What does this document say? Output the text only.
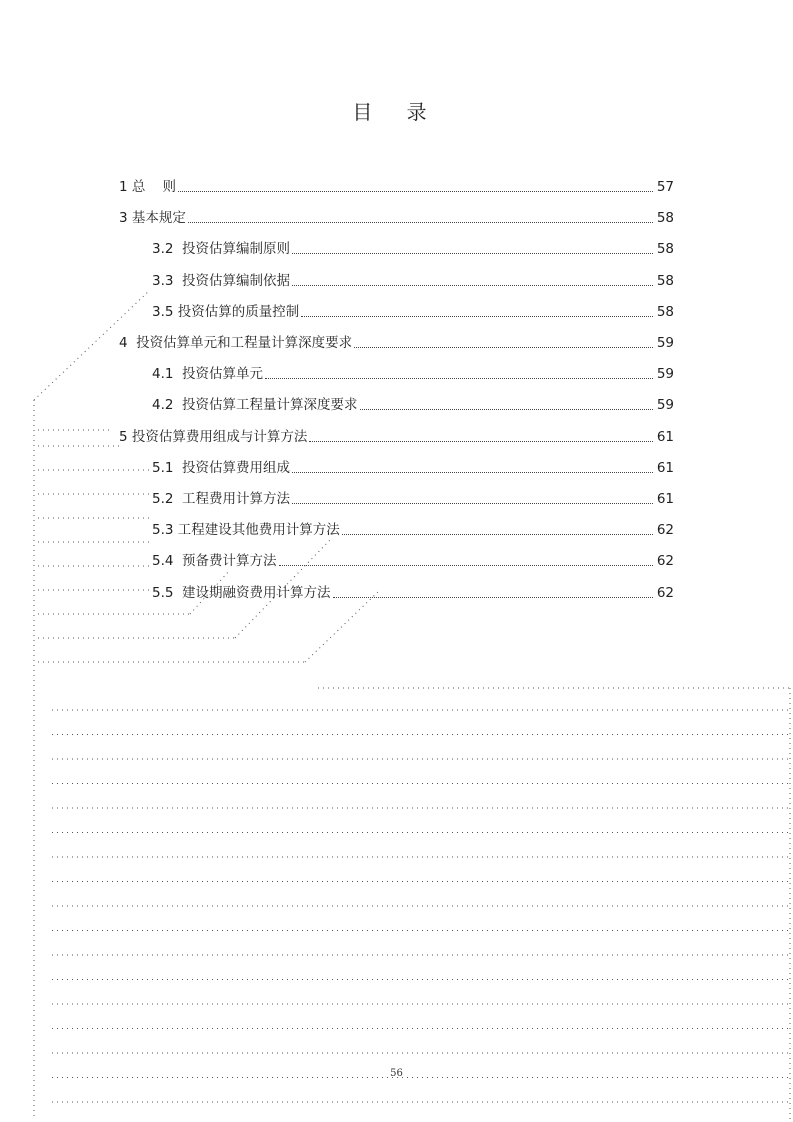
目 录
1 总    则	57
3 基本规定	58
3.2  投资估算编制原则	58
3.3  投资估算编制依据	58
3.5 投资估算的质量控制	58
4  投资估算单元和工程量计算深度要求	59
4.1  投资估算单元	59
4.2  投资估算工程量计算深度要求	59
5 投资估算费用组成与计算方法	61
5.1  投资估算费用组成	61
5.2  工程费用计算方法	61
5.3 工程建设其他费用计算方法	62
5.4  预备费计算方法	62
5.5  建设期融资费用计算方法	62
56
